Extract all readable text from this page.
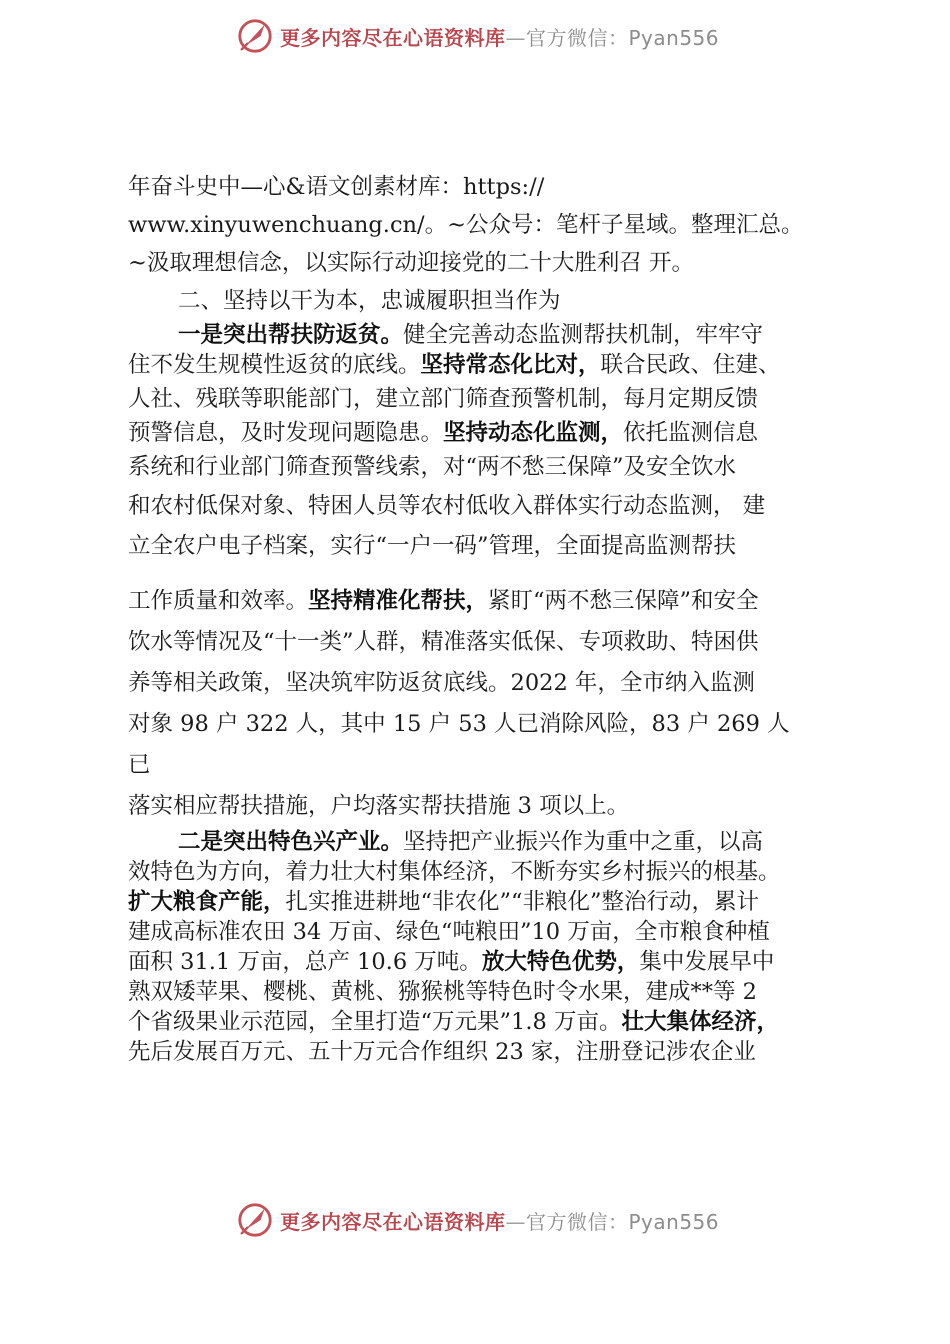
更多内容尽在心语资料库—官方微信：Pyan556
年奋斗史中—心&语文创素材库：https://
www.xinyuwenchuang.cn/。~公众号：笔杆子星域。整理汇总。
~汲取理想信念，以实际行动迎接党的二十大胜利召 开。
二、坚持以干为本，忠诚履职担当作为
一是突出帮扶防返贫。健全完善动态监测帮扶机制，牢牢守
住不发生规模性返贫的底线。坚持常态化比对，联合民政、住建、
人社、残联等职能部门，建立部门筛查预警机制，每月定期反馈
预警信息，及时发现问题隐患。坚持动态化监测，依托监测信息
系统和行业部门筛查预警线索，对“两不愁三保障”及安全饮水
和农村低保对象、特困人员等农村低收入群体实行动态监测， 建
立全农户电子档案，实行“一户一码”管理，全面提高监测帮扶
工作质量和效率。坚持精准化帮扶，紧盯“两不愁三保障”和安全
饮水等情况及“十一类”人群，精准落实低保、专项救助、特困供
养等相关政策，坚决筑牢防返贫底线。2022 年，全市纳入监测
对象 98 户 322 人，其中 15 户 53 人已消除风险，83 户 269 人
已
落实相应帮扶措施，户均落实帮扶措施 3 项以上。
二是突出特色兴产业。坚持把产业振兴作为重中之重，以高
效特色为方向，着力壮大村集体经济，不断夯实乡村振兴的根基。
扩大粮食产能，扎实推进耕地“非农化”“非粮化”整治行动，累计
建成高标准农田 34 万亩、绿色“吨粮田”10 万亩，全市粮食种植
面积 31.1 万亩，总产 10.6 万吨。放大特色优势，集中发展早中
熟双矮苹果、樱桃、黄桃、猕猴桃等特色时令水果，建成**等 2
个省级果业示范园，全里打造“万元果”1.8 万亩。壮大集体经济，
先后发展百万元、五十万元合作组织 23 家，注册登记涉农企业
更多内容尽在心语资料库—官方微信：Pyan556
